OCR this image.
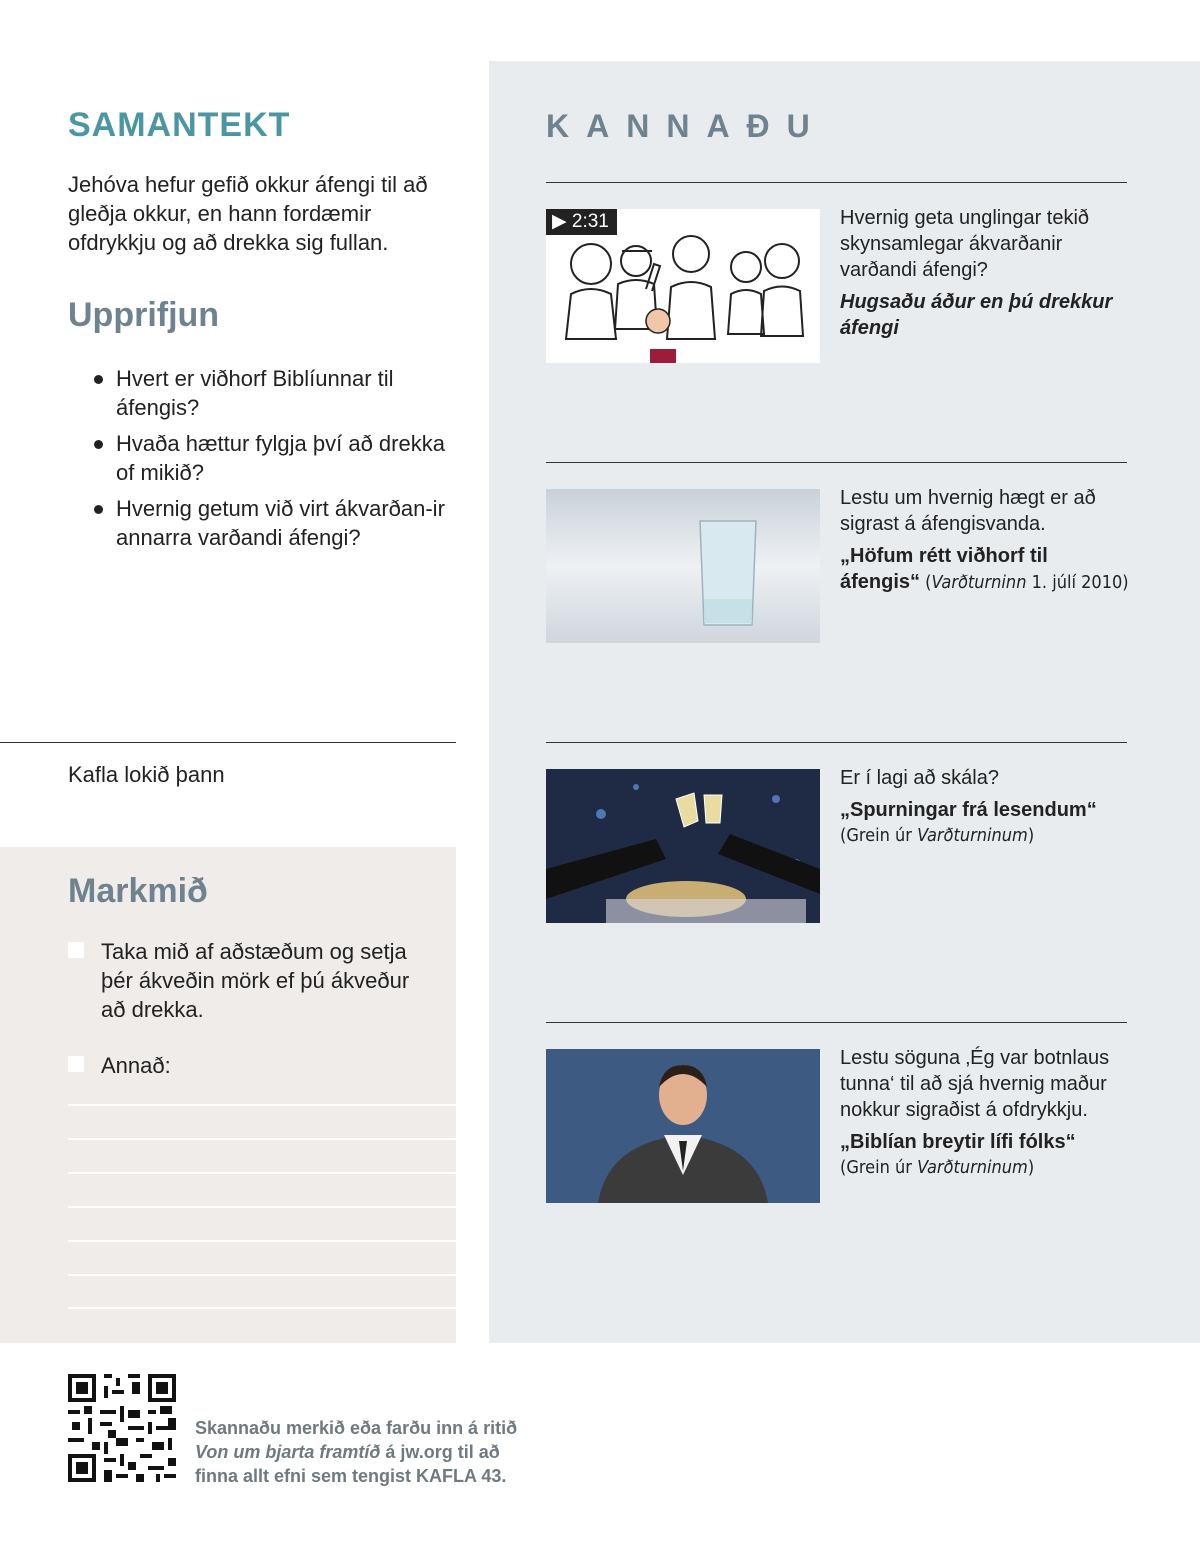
SAMANTEKT

Jehóva hefur gefið okkur áfengi til að gleðja okkur, en hann fordæmir ofdrykkju og að drekka sig fullan.

Upprifjun
Hvert er viðhorf Biblíunnar til áfengis?
Hvaða hættur fylgja því að drekka of mikið?
Hvernig getum við virt ákvarðan-ir annarra varðandi áfengi?

Kafla lokið þann

Markmið
Taka mið af aðstæðum og setja þér ákveðin mörk ef þú ákveður að drekka.
Annað:
KANNAÐU
▶ 2:31	Hvernig geta unglingar tekið skynsamlegar ákvarðanir varðandi áfengi?

Hugsaðu áður en þú drekkur áfengi

Lestu um hvernig hægt er að sigrast á áfengisvanda.

„Höfum rétt viðhorf til áfengis“ (Varðturninn 1. júlí 2010)

Er í lagi að skála?

„Spurningar frá lesendum“

(Grein úr Varðturninum)

Lestu söguna ‚Ég var botnlaus tunna‘ til að sjá hvernig maður nokkur sigraðist á ofdrykkju.

„Biblían breytir lífi fólks“

(Grein úr Varðturninum)

Skannaðu merkið eða farðu inn á ritið
Von um bjarta framtíð á jw.org til að finna allt efni sem tengist KAFLA 43.
